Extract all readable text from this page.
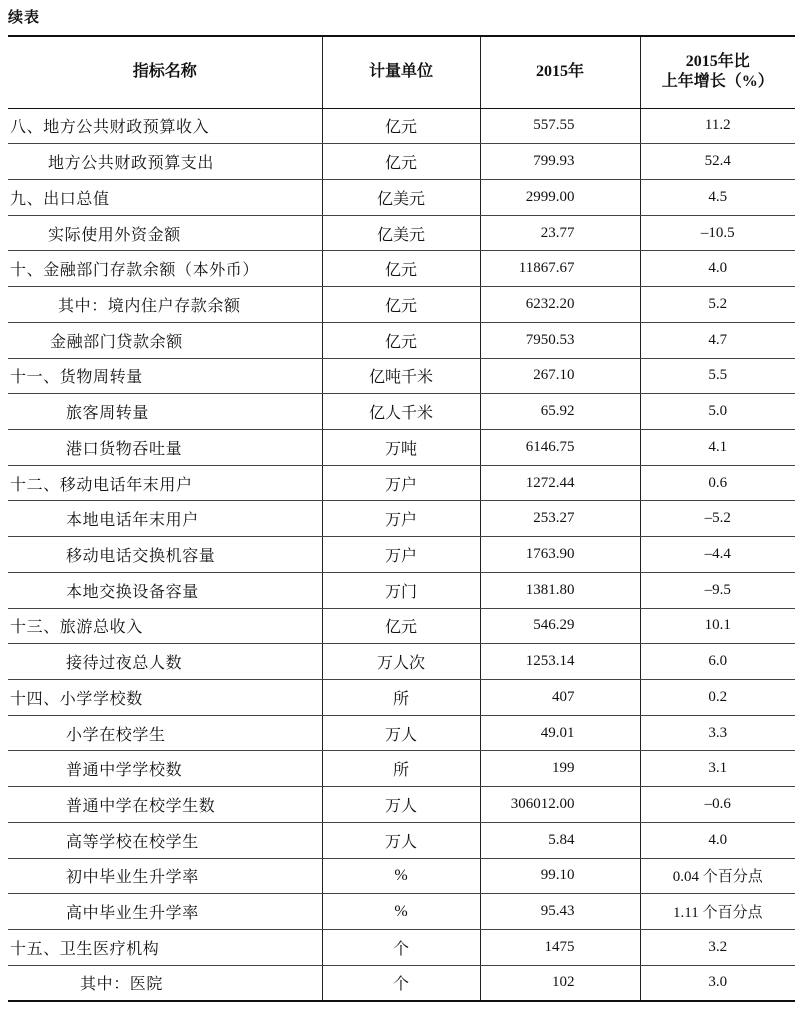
续表
指标名称	计量单位	2015年	2015年比
上年增长（%）

八、地方公共财政预算收入	亿元	557.55	11.2
地方公共财政预算支出	亿元	799.93	52.4
九、出口总值	亿美元	2999.00	4.5
实际使用外资金额	亿美元	23.77	–10.5
十、金融部门存款余额（本外币）	亿元	11867.67	4.0
其中：境内住户存款余额	亿元	6232.20	5.2
金融部门贷款余额	亿元	7950.53	4.7
十一、货物周转量	亿吨千米	267.10	5.5
旅客周转量	亿人千米	65.92	5.0
港口货物吞吐量	万吨	6146.75	4.1
十二、移动电话年末用户	万户	1272.44	0.6
本地电话年末用户	万户	253.27	–5.2
移动电话交换机容量	万户	1763.90	–4.4
本地交换设备容量	万门	1381.80	–9.5
十三、旅游总收入	亿元	546.29	10.1
接待过夜总人数	万人次	1253.14	6.0
十四、小学学校数	所	407	0.2
小学在校学生	万人	49.01	3.3
普通中学学校数	所	199	3.1
普通中学在校学生数	万人	306012.00	–0.6
高等学校在校学生	万人	5.84	4.0
初中毕业生升学率	%	99.10	0.04 个百分点
高中毕业生升学率	%	95.43	1.11 个百分点
十五、卫生医疗机构	个	1475	3.2
其中：医院	个	102	3.0
